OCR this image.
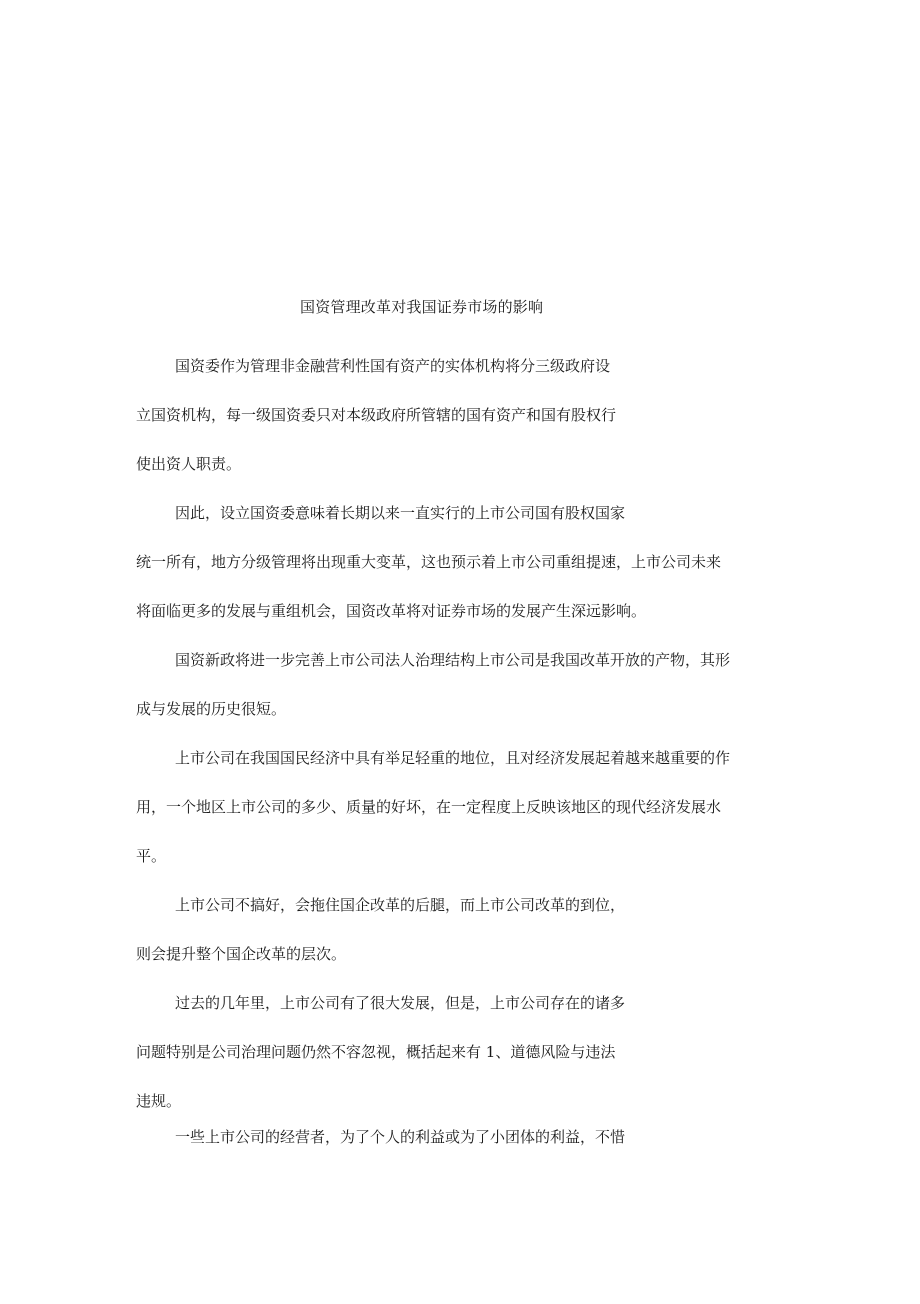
国资管理改革对我国证券市场的影响
国资委作为管理非金融营利性国有资产的实体机构将分三级政府设
立国资机构，每一级国资委只对本级政府所管辖的国有资产和国有股权行
使出资人职责。
因此，设立国资委意味着长期以来一直实行的上市公司国有股权国家
统一所有，地方分级管理将出现重大变革，这也预示着上市公司重组提速，上市公司未来
将面临更多的发展与重组机会，国资改革将对证券市场的发展产生深远影响。
国资新政将进一步完善上市公司法人治理结构上市公司是我国改革开放的产物，其形
成与发展的历史很短。
上市公司在我国国民经济中具有举足轻重的地位，且对经济发展起着越来越重要的作
用，一个地区上市公司的多少、质量的好坏，在一定程度上反映该地区的现代经济发展水
平。
上市公司不搞好，会拖住国企改革的后腿，而上市公司改革的到位，
则会提升整个国企改革的层次。
过去的几年里，上市公司有了很大发展，但是，上市公司存在的诸多
问题特别是公司治理问题仍然不容忽视，概括起来有 1、道德风险与违法
违规。
一些上市公司的经营者，为了个人的利益或为了小团体的利益，不惜
